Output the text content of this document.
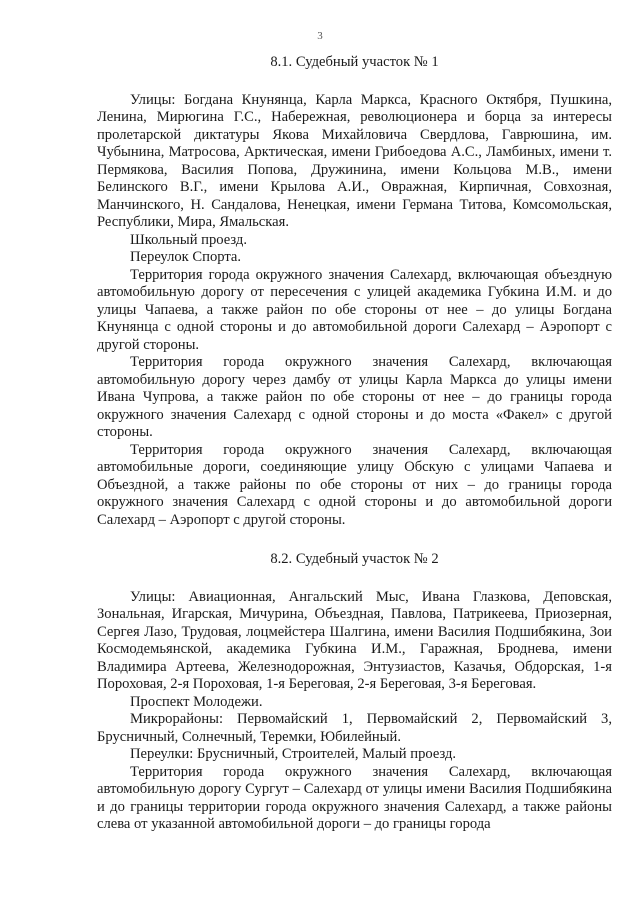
3
8.1. Судебный участок № 1

Улицы: Богдана Кнунянца, Карла Маркса, Красного Октября, Пушкина, Ленина, Мирюгина Г.С., Набережная, революционера и борца за интересы пролетарской диктатуры Якова Михайловича Свердлова, Гаврюшина, им. Чубынина, Матросова, Арктическая, имени Грибоедова А.С., Ламбиных, имени т. Пермякова, Василия Попова, Дружинина, имени Кольцова М.В., имени Белинского В.Г., имени Крылова А.И., Овражная, Кирпичная, Совхозная, Манчинского, Н. Сандалова, Ненецкая, имени Германа Титова, Комсомольская, Республики, Мира, Ямальская.

Школьный проезд.

Переулок Спорта.

Территория города окружного значения Салехард, включающая объездную автомобильную дорогу от пересечения с улицей академика Губкина И.М. и до улицы Чапаева, а также район по обе стороны от нее – до улицы Богдана Кнунянца с одной стороны и до автомобильной дороги Салехард – Аэропорт с другой стороны.

Территория города окружного значения Салехард, включающая автомобильную дорогу через дамбу от улицы Карла Маркса до улицы имени Ивана Чупрова, а также район по обе стороны от нее – до границы города окружного значения Салехард с одной стороны и до моста «Факел» с другой стороны.

Территория города окружного значения Салехард, включающая автомобильные дороги, соединяющие улицу Обскую с улицами Чапаева и Объездной, а также районы по обе стороны от них – до границы города окружного значения Салехард с одной стороны и до автомобильной дороги Салехард – Аэропорт с другой стороны.

8.2. Судебный участок № 2

Улицы: Авиационная, Ангальский Мыс, Ивана Глазкова, Деповская, Зональная, Игарская, Мичурина, Объездная, Павлова, Патрикеева, Приозерная, Сергея Лазо, Трудовая, лоцмейстера Шалгина, имени Василия Подшибякина, Зои Космодемьянской, академика Губкина И.М., Гаражная, Броднева, имени Владимира Артеева, Железнодорожная, Энтузиастов, Казачья, Обдорская, 1-я Пороховая, 2-я Пороховая, 1-я Береговая, 2-я Береговая, 3-я Береговая.

Проспект Молодежи.

Микрорайоны: Первомайский 1, Первомайский 2, Первомайский 3, Брусничный, Солнечный, Теремки, Юбилейный.

Переулки: Брусничный, Строителей, Малый проезд.

Территория города окружного значения Салехард, включающая автомобильную дорогу Сургут – Салехард от улицы имени Василия Подшибякина и до границы территории города окружного значения Салехард, а также районы слева от указанной автомобильной дороги – до границы города
